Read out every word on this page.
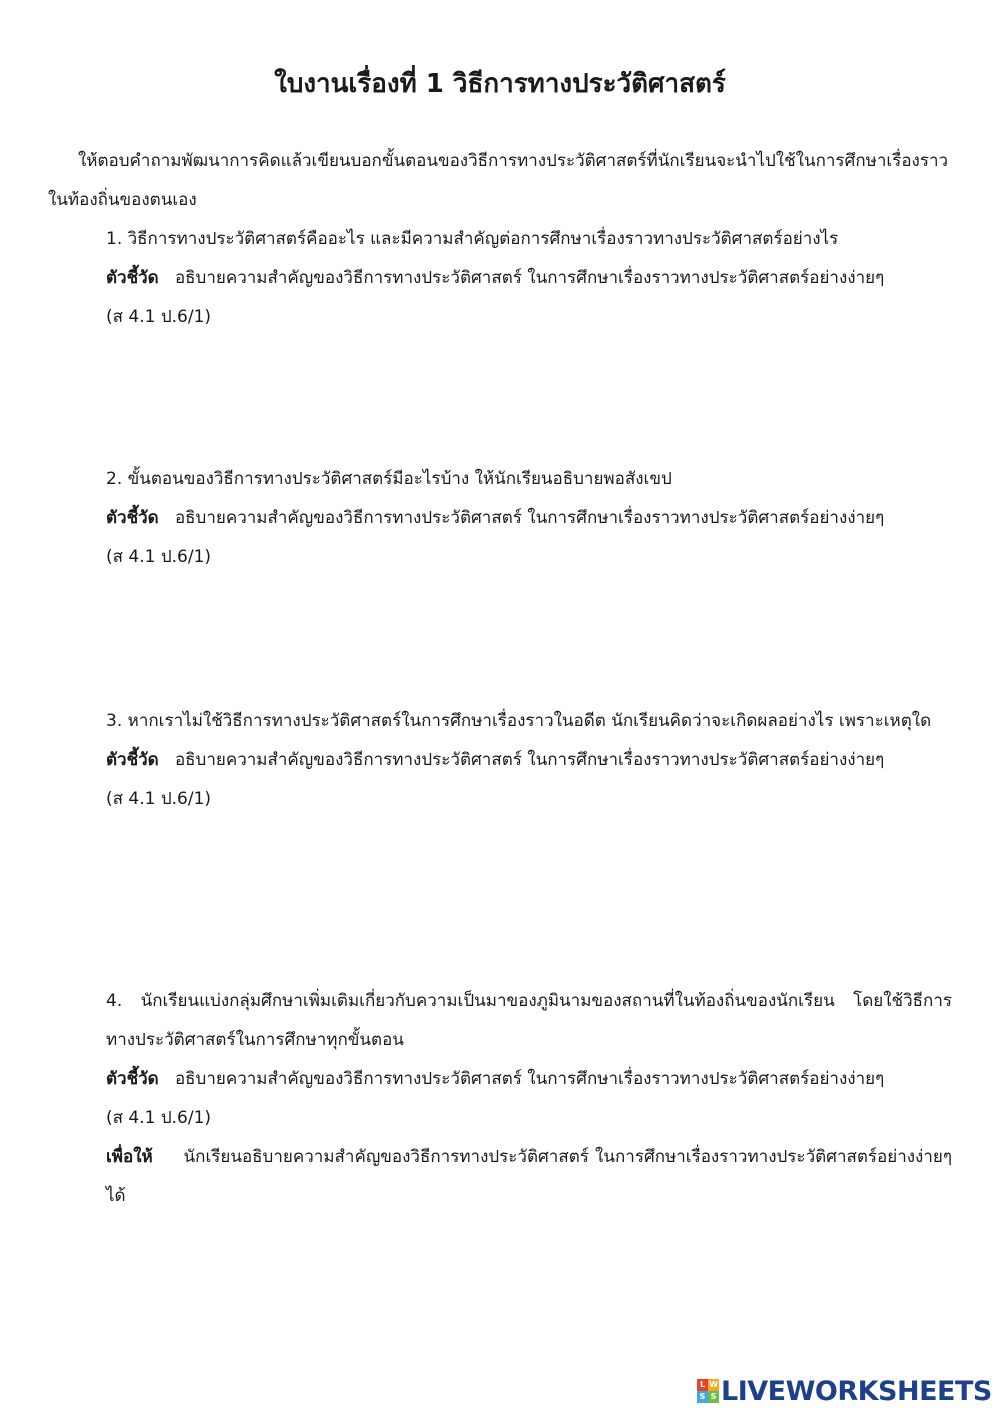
ใบงานเรื่องที่ 1 วิธีการทางประวัติศาสตร์
ให้ตอบคำถามพัฒนาการคิดแล้วเขียนบอกขั้นตอนของวิธีการทางประวัติศาสตร์ที่นักเรียนจะนำไปใช้ในการศึกษาเรื่องราวในท้องถิ่นของตนเอง
1. วิธีการทางประวัติศาสตร์คืออะไร และมีความสำคัญต่อการศึกษาเรื่องราวทางประวัติศาสตร์อย่างไร
ตัวชี้วัด อธิบายความสำคัญของวิธีการทางประวัติศาสตร์ ในการศึกษาเรื่องราวทางประวัติศาสตร์อย่างง่ายๆ
(ส 4.1 ป.6/1)
2. ขั้นตอนของวิธีการทางประวัติศาสตร์มีอะไรบ้าง ให้นักเรียนอธิบายพอสังเขป
ตัวชี้วัด อธิบายความสำคัญของวิธีการทางประวัติศาสตร์ ในการศึกษาเรื่องราวทางประวัติศาสตร์อย่างง่ายๆ
(ส 4.1 ป.6/1)
3. หากเราไม่ใช้วิธีการทางประวัติศาสตร์ในการศึกษาเรื่องราวในอดีต นักเรียนคิดว่าจะเกิดผลอย่างไร เพราะเหตุใด
ตัวชี้วัด อธิบายความสำคัญของวิธีการทางประวัติศาสตร์ ในการศึกษาเรื่องราวทางประวัติศาสตร์อย่างง่ายๆ
(ส 4.1 ป.6/1)
4. นักเรียนแบ่งกลุ่มศึกษาเพิ่มเติมเกี่ยวกับความเป็นมาของภูมินามของสถานที่ในท้องถิ่นของนักเรียน โดยใช้วิธีการทางประวัติศาสตร์ในการศึกษาทุกขั้นตอน
ตัวชี้วัด อธิบายความสำคัญของวิธีการทางประวัติศาสตร์ ในการศึกษาเรื่องราวทางประวัติศาสตร์อย่างง่ายๆ
(ส 4.1 ป.6/1)
เพื่อให้ นักเรียนอธิบายความสำคัญของวิธีการทางประวัติศาสตร์ ในการศึกษาเรื่องราวทางประวัติศาสตร์อย่างง่ายๆได้
L W
S S LIVEWORKSHEETS
